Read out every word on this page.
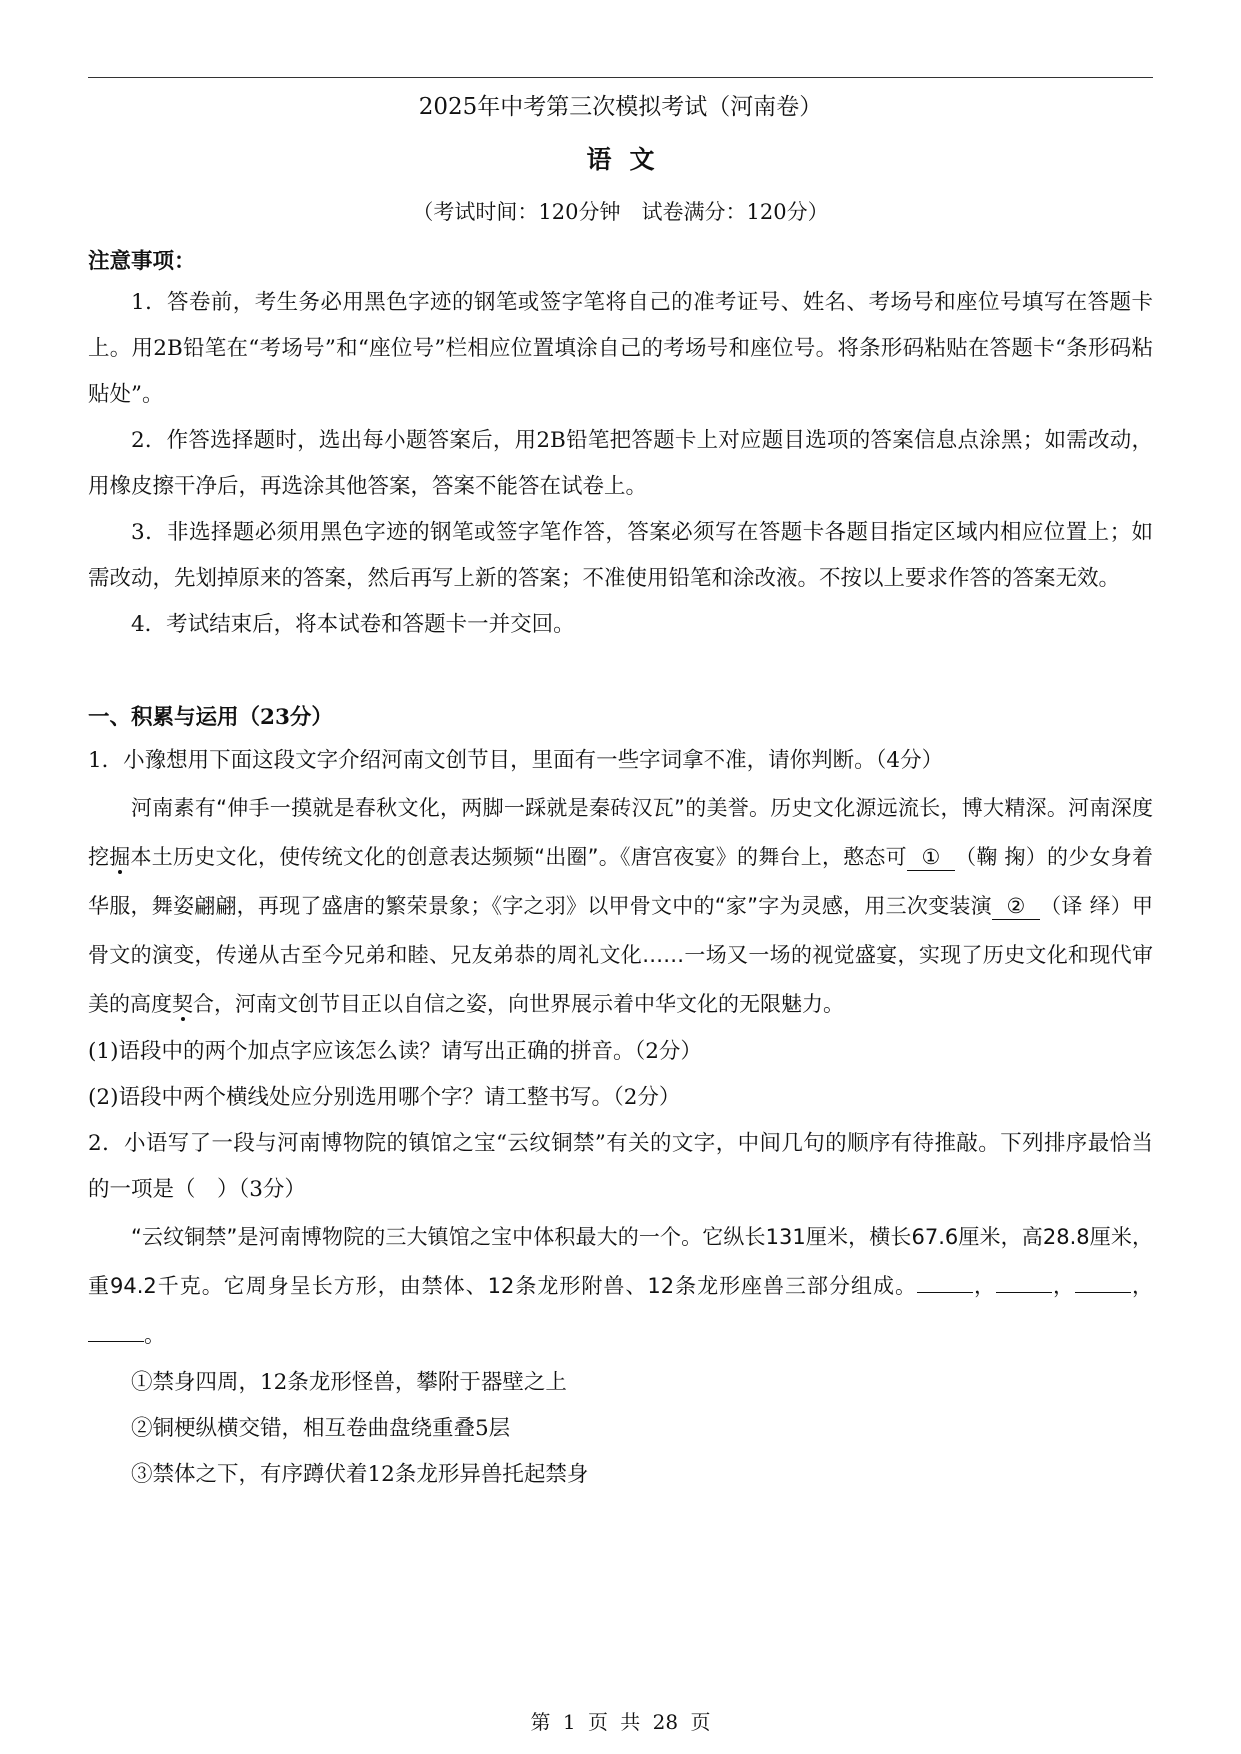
2025年中考第三次模拟考试（河南卷）
语文
（考试时间：120分钟　试卷满分：120分）
注意事项：

1．答卷前，考生务必用黑色字迹的钢笔或签字笔将自己的准考证号、姓名、考场号和座位号填写在答题卡上。用2B铅笔在“考场号”和“座位号”栏相应位置填涂自己的考场号和座位号。将条形码粘贴在答题卡“条形码粘贴处”。

2．作答选择题时，选出每小题答案后，用2B铅笔把答题卡上对应题目选项的答案信息点涂黑；如需改动，用橡皮擦干净后，再选涂其他答案，答案不能答在试卷上。

3．非选择题必须用黑色字迹的钢笔或签字笔作答，答案必须写在答题卡各题目指定区域内相应位置上；如需改动，先划掉原来的答案，然后再写上新的答案；不准使用铅笔和涂改液。不按以上要求作答的答案无效。

4．考试结束后，将本试卷和答题卡一并交回。

一、积累与运用（23分）

1．小豫想用下面这段文字介绍河南文创节目，里面有一些字词拿不准，请你判断。（4分）

河南素有“伸手一摸就是春秋文化，两脚一踩就是秦砖汉瓦”的美誉。历史文化源远流长，博大精深。河南深度挖掘本土历史文化，使传统文化的创意表达频频“出圈”。《唐宫夜宴》的舞台上，憨态可 ① （鞠 掬）的少女身着华服，舞姿翩翩，再现了盛唐的繁荣景象；《字之羽》以甲骨文中的“家”字为灵感，用三次变装演 ② （译 绎）甲骨文的演变，传递从古至今兄弟和睦、兄友弟恭的周礼文化……一场又一场的视觉盛宴，实现了历史文化和现代审美的高度契合，河南文创节目正以自信之姿，向世界展示着中华文化的无限魅力。

(1)语段中的两个加点字应该怎么读？请写出正确的拼音。（2分）

(2)语段中两个横线处应分别选用哪个字？请工整书写。（2分）

2．小语写了一段与河南博物院的镇馆之宝“云纹铜禁”有关的文字，中间几句的顺序有待推敲。下列排序最恰当的一项是（　）（3分）

“云纹铜禁”是河南博物院的三大镇馆之宝中体积最大的一个。它纵长131厘米，横长67.6厘米，高28.8厘米，重94.2千克。它周身呈长方形，由禁体、12条龙形附兽、12条龙形座兽三部分组成。	，	，	，。

①禁身四周，12条龙形怪兽，攀附于器壁之上

②铜梗纵横交错，相互卷曲盘绕重叠5层

③禁体之下，有序蹲伏着12条龙形异兽托起禁身

第 1 页 共 28 页
